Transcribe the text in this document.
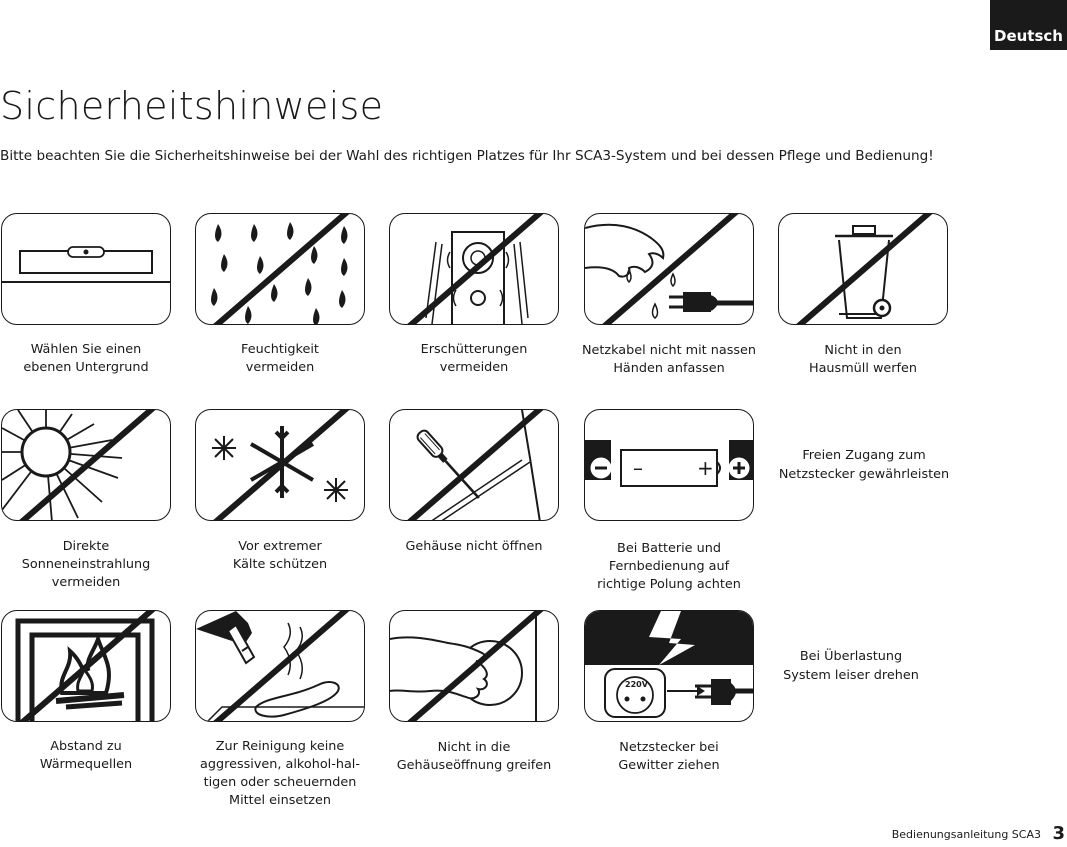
Deutsch
Sicherheitshinweise
Bitte beachten Sie die Sicherheitshinweise bei der Wahl des richtigen Platzes für Ihr SCA3-System und bei dessen Pflege und Bedienung!
Wählen Sie einen
ebenen Untergrund
Feuchtigkeit
vermeiden
Erschütterungen
vermeiden
Netzkabel nicht mit nassen
Händen anfassen
Nicht in den
Hausmüll werfen
–	+
Direkte
Sonneneinstrahlung
vermeiden
Vor extremer
Kälte schützen
Gehäuse nicht öffnen	Bei Batterie und
Fernbedienung auf
richtige Polung achten
220V
Abstand zu
Wärmequellen
Zur Reinigung keine
aggressiven, alkohol-hal-
tigen oder scheuernden
Mittel einsetzen
Nicht in die
Gehäuseöffnung greifen
Netzstecker bei
Gewitter ziehen
Freien Zugang zum
Netzstecker gewährleisten
Bei Überlastung
System leiser drehen
Bedienungsanleitung SCA3 3
